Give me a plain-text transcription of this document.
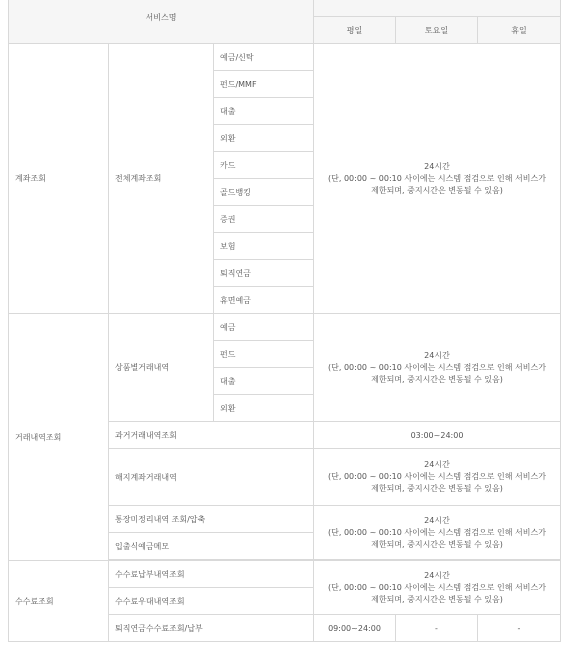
서비스명	
			평일	토요일	휴일
계좌조회	전체계좌조회	예금/신탁	24시간
(단, 00:00 ~ 00:10 사이에는 시스템 점검으로 인해 서비스가
제한되며, 중지시간은 변동될 수 있음)		

		펀드/MMF			
		대출			
		외환			
		카드			
		골드뱅킹			
		증권			
		보험			
		퇴직연금			
		휴면예금			
거래내역조회	상품별거래내역	예금	24시간
(단, 00:00 ~ 00:10 사이에는 시스템 점검으로 인해 서비스가
제한되며, 중지시간은 변동될 수 있음)		

		펀드			
		대출			
		외환			
	과거거래내역조회		03:00~24:00		
	해지계좌거래내역		24시간
(단, 00:00 ~ 00:10 사이에는 시스템 점검으로 인해 서비스가
제한되며, 중지시간은 변동될 수 있음)		

	통장미정리내역 조회/압축		24시간
(단, 00:00 ~ 00:10 사이에는 시스템 점검으로 인해 서비스가
제한되며, 중지시간은 변동될 수 있음)		

	입출식예금메모				

수수료조회	수수료납부내역조회		24시간
(단, 00:00 ~ 00:10 사이에는 시스템 점검으로 인해 서비스가
제한되며, 중지시간은 변동될 수 있음)		

	수수료우대내역조회				
	퇴직연금수수료조회/납부		09:00~24:00	-	-
